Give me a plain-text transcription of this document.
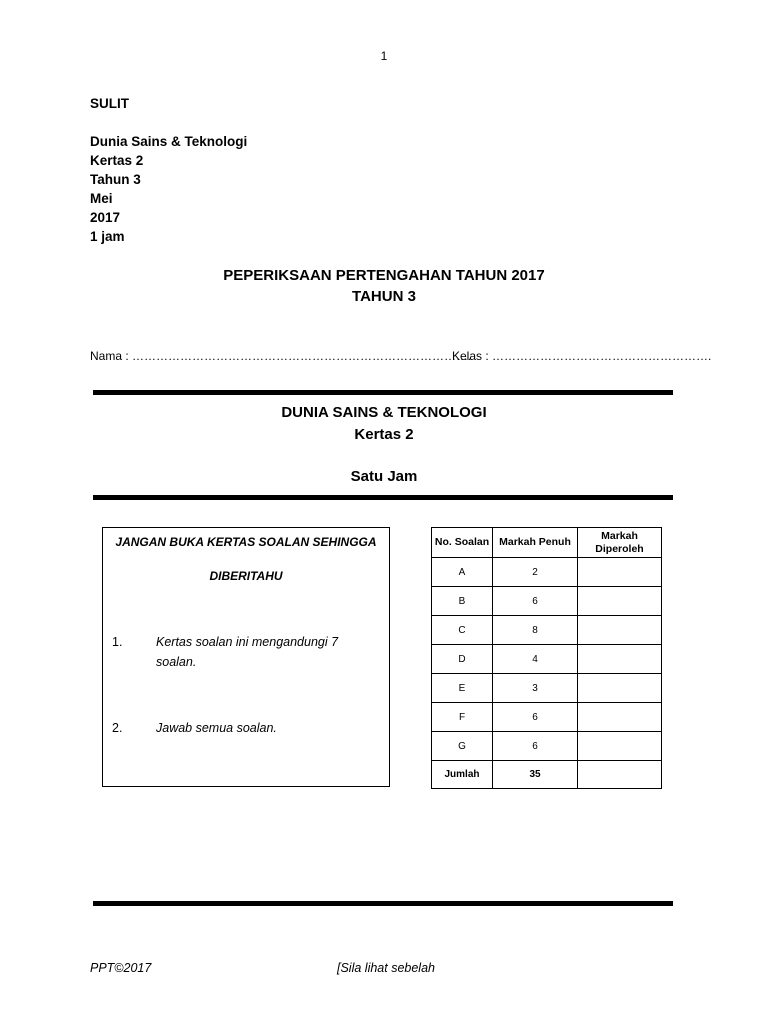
1
SULIT
Dunia Sains & Teknologi
Kertas 2
Tahun 3
Mei
2017
1 jam
PEPERIKSAAN PERTENGAHAN TAHUN 2017
TAHUN 3
Nama : ………………………………………………………………………….
Kelas : ……………………………………………….
DUNIA SAINS & TEKNOLOGI
Kertas 2
Satu Jam
JANGAN BUKA KERTAS SOALAN SEHINGGA
DIBERITAHU
1.	Kertas soalan ini mengandungi 7 soalan.
2.	Jawab semua soalan.
No. Soalan	Markah Penuh	Markah Diperoleh
A	2	
B	6	
C	8	
D	4	
E	3	
F	6	
G	6	
Jumlah	35	
PPT©2017	[Sila lihat sebelah
